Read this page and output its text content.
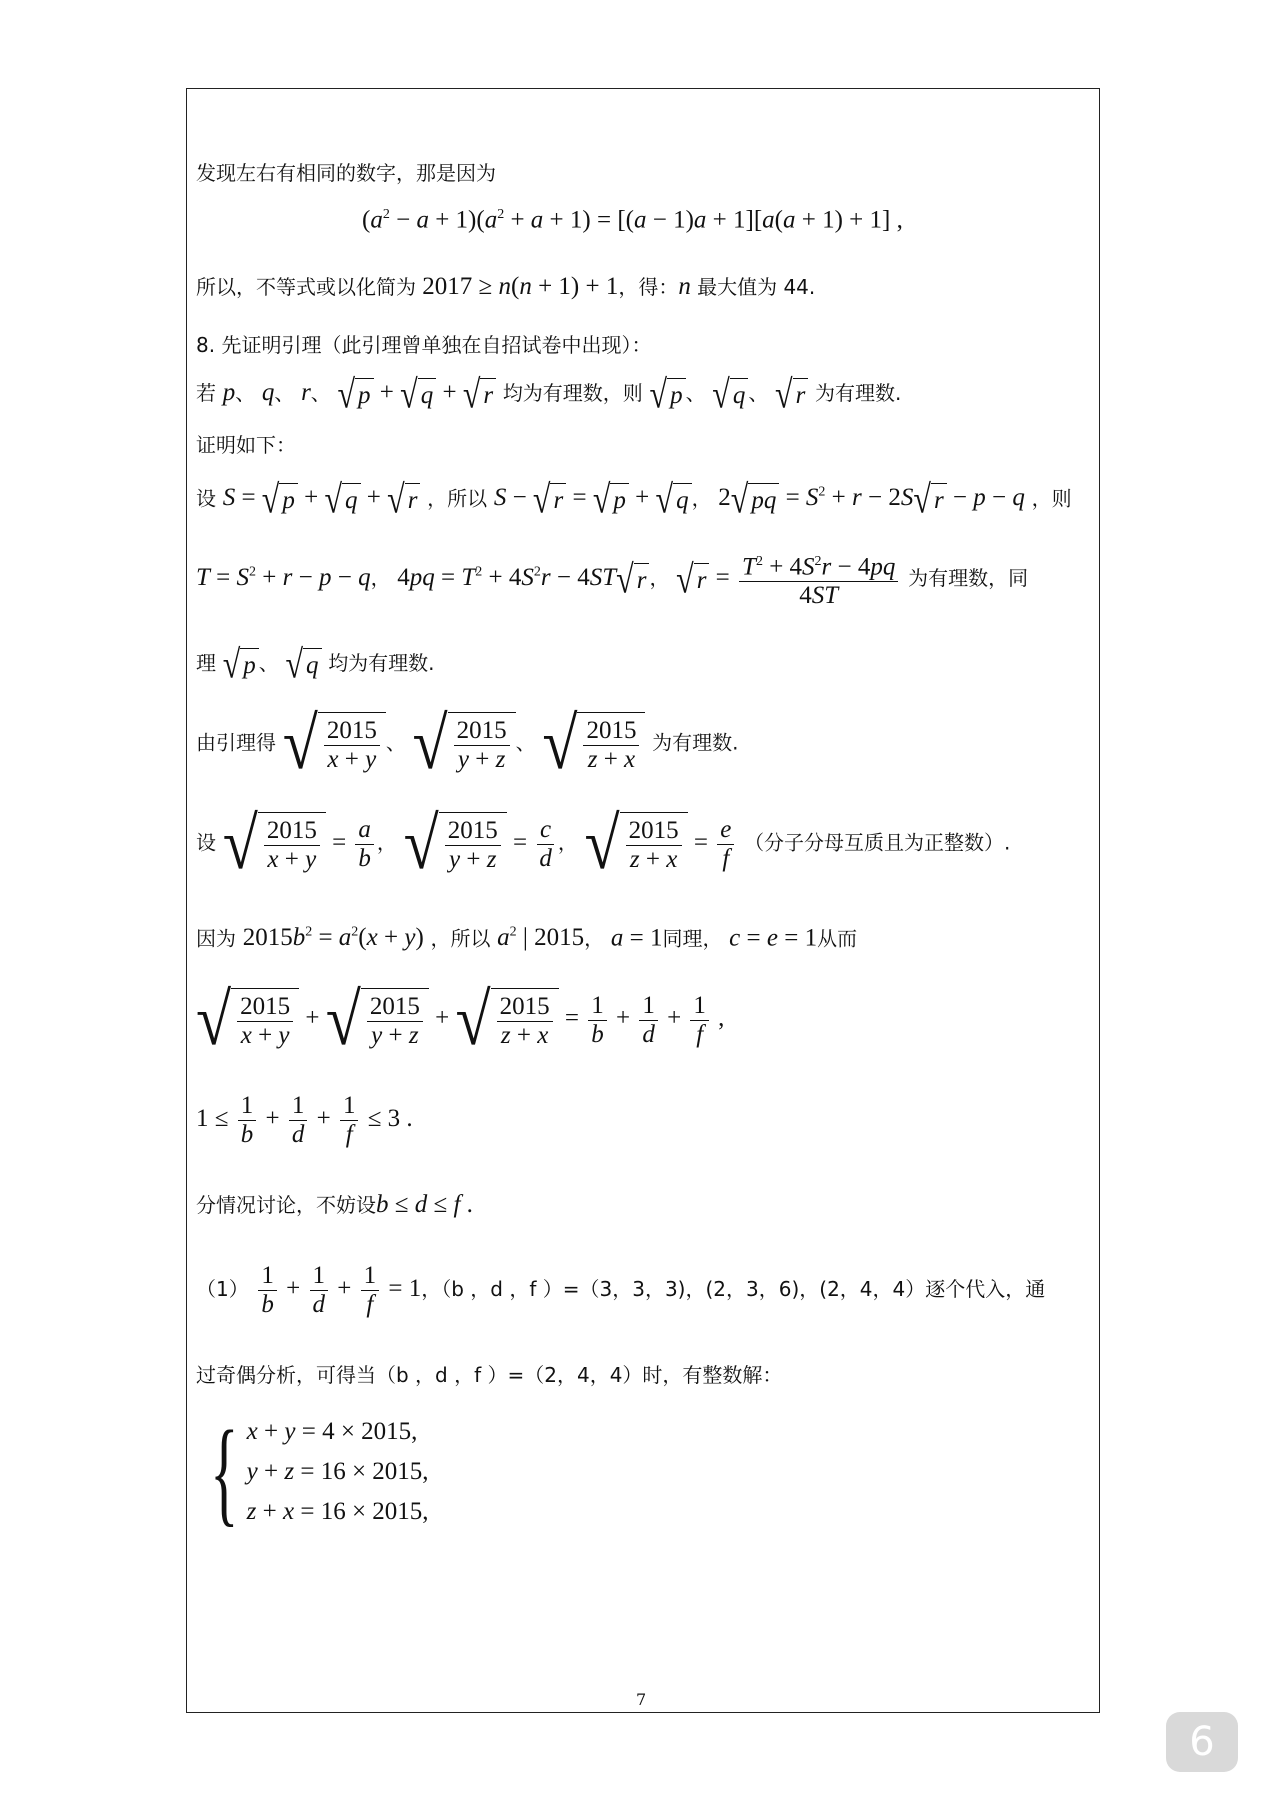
发现左右有相同的数字，那是因为
$(a^2 - a + 1)(a^2 + a + 1) = [(a - 1)a + 1][a(a + 1) + 1]$ ,
所以，不等式或以化简为 2017 ≥ n(n + 1) + 1，得：n 最大值为 44.
8. 先证明引理（此引理曾单独在自招试卷中出现）：
若 p、 q、 r、 √ p + √ q + √ r 均为有理数，则 √ p 、 √ q 、 √ r 为有理数.
证明如下：
设 S = √ p + √ q + √ r ，所以 S − √ r = √ p + √ q ， 2 √ pq = $S^2 + r - 2S$ √ r − p − q ，则
$T = S^2 + r - p - q$， $4pq = T^2 + 4S^2r - 4ST$ √ r ， √ $r = \frac{T^2 + 4S^2r - 4pq}{4ST}$ 为有理数，同
理 √ p 、 √ q 均为有理数.
由引理得 √ $\frac{2015}{x + y}$ 、 √ $\frac{2015}{y + z}$ 、 √ $\frac{2015}{z + x}$ 为有理数.
设 √ $\frac{2015}{x + y} = \frac{a}{b}$ ， √ $\frac{2015}{y + z} = \frac{c}{d}$ ， √ $\frac{2015}{z + x} = \frac{e}{f}$ （分子分母互质且为正整数）.
因为 $2015b^2 = a^2(x + y)$ ，所以 $a^2$ | 2015， a = 1同理， c = e = 1从而
√ $\frac{2015}{x + y}$ + √ $\frac{2015}{y + z}$ + √ $\frac{2015}{z + x} = \frac{1}{b} + \frac{1}{d} + \frac{1}{f}$ ,
$1 \le \frac{1}{b} + \frac{1}{d} + \frac{1}{f} \le 3$ .
分情况讨论，不妨设b ≤ d ≤ f .
$(1) \frac{1}{b} + \frac{1}{d} + \frac{1}{f} = 1$，（b ，d ，f ）=（3，3，3)，(2，3，6)，(2，4，4）逐个代入，通
过奇偶分析，可得当（b ，d ，f ）=（2，4，4）时，有整数解：
{ x + y = 4 × 2015,
y + z = 16 × 2015,
z + x = 16 × 2015,
7
6
